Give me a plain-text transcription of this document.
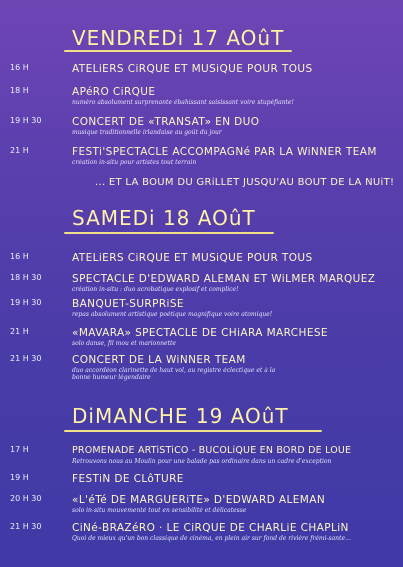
VENDREDi 17 AOûT
16 H	ATELiERS CiRQUE ET MUSiQUE POUR TOUS
18 H	APéRO CiRQUE
numéro absolument surprenante ébahissant saisissant voire stupéfiante!
19 H 30	CONCERT DE «TRANSAT» EN DUO
musique traditionnelle irlandaise au goût du jour
21 H	FESTi'SPECTACLE ACCOMPAGNé PAR LA WiNNER TEAM
création in-situ pour artistes tout terrain
... ET LA BOUM DU GRiLLET JUSQU'AU BOUT DE LA NUiT!
SAMEDi 18 AOûT
16 H	ATELiERS CiRQUE ET MUSiQUE POUR TOUS
18 H 30	SPECTACLE D'EDWARD ALEMAN ET WiLMER MARQUEZ
création in-situ : duo acrobatique explosif et complice!
19 H 30	BANQUET-SURPRiSE
repas absolument artistique poétique magnifique voire atomique!
21 H	«MAVARA» SPECTACLE DE CHiARA MARCHESE
solo danse, fil mou et marionnette
21 H 30	CONCERT DE LA WiNNER TEAM
duo accordéon clarinette de haut vol, au registre éclectique et à la bonne humeur légendaire
DiMANCHE 19 AOûT
17 H	PROMENADE ARTiSTiCO - BUCOLiQUE EN BORD DE LOUE
Retrouvons nous au Moulin pour une balade pas ordinaire dans un cadre d'exception
19 H	FESTiN DE CLôTURE
20 H 30	«L'éTé DE MARGUERiTE» D'EDWARD ALEMAN
solo in-situ mouvementé tout en sensibilité et délicatesse
21 H 30	CiNé-BRAZéRO · LE CiRQUE DE CHARLiE CHAPLiN
Quoi de mieux qu'un bon classique de cinéma, en plein air sur fond de rivière frémi-sante…
